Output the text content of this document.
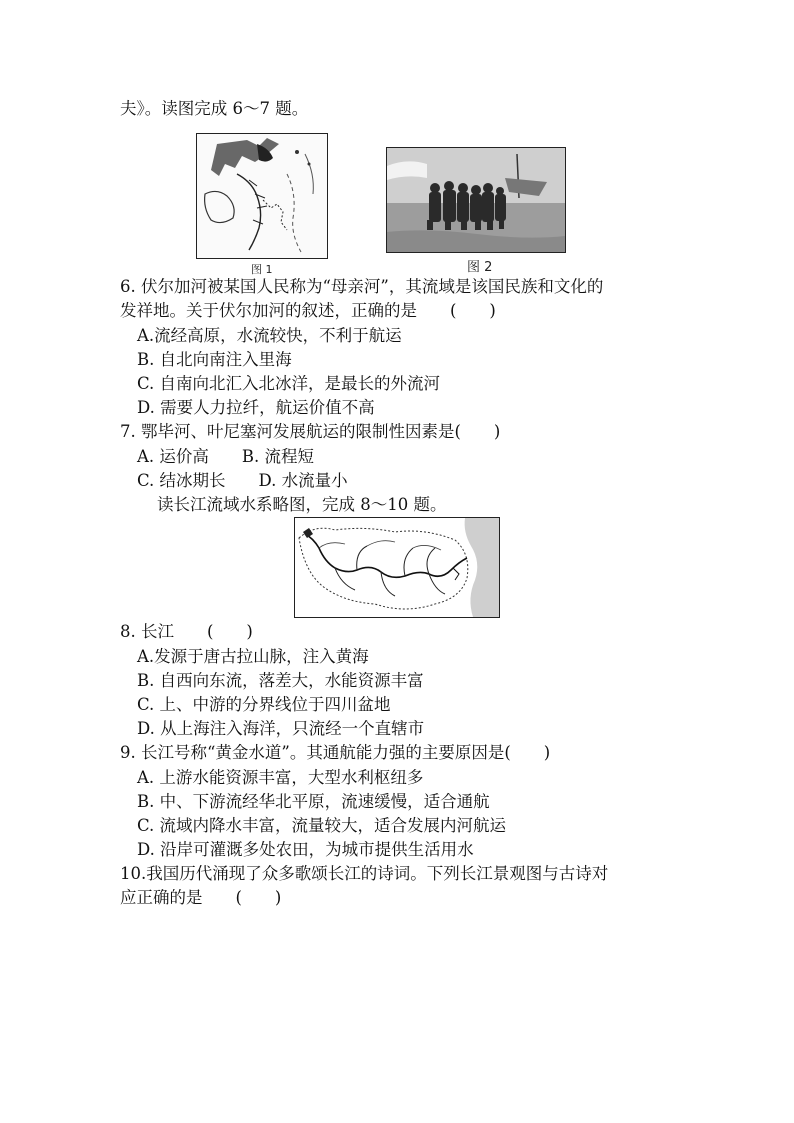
夫》。读图完成 6～7 题。
图 1	图 2
6. 伏尔加河被某国人民称为“母亲河”，其流域是该国民族和文化的
发祥地。关于伏尔加河的叙述，正确的是　　(　　)
A.流经高原，水流较快，不利于航运
B. 自北向南注入里海
C. 自南向北汇入北冰洋，是最长的外流河
D. 需要人力拉纤，航运价值不高
7. 鄂毕河、叶尼塞河发展航运的限制性因素是(　　)
A. 运价高　　B. 流程短
C. 结冰期长　　D. 水流量小
读长江流域水系略图，完成 8～10 题。
8. 长江　　(　　)
A.发源于唐古拉山脉，注入黄海
B. 自西向东流，落差大，水能资源丰富
C. 上、中游的分界线位于四川盆地
D. 从上海注入海洋，只流经一个直辖市
9. 长江号称“黄金水道”。其通航能力强的主要原因是(　　)
A. 上游水能资源丰富，大型水利枢纽多
B. 中、下游流经华北平原，流速缓慢，适合通航
C. 流域内降水丰富，流量较大，适合发展内河航运
D. 沿岸可灌溉多处农田，为城市提供生活用水
10.我国历代涌现了众多歌颂长江的诗词。下列长江景观图与古诗对
应正确的是　　(　　)
